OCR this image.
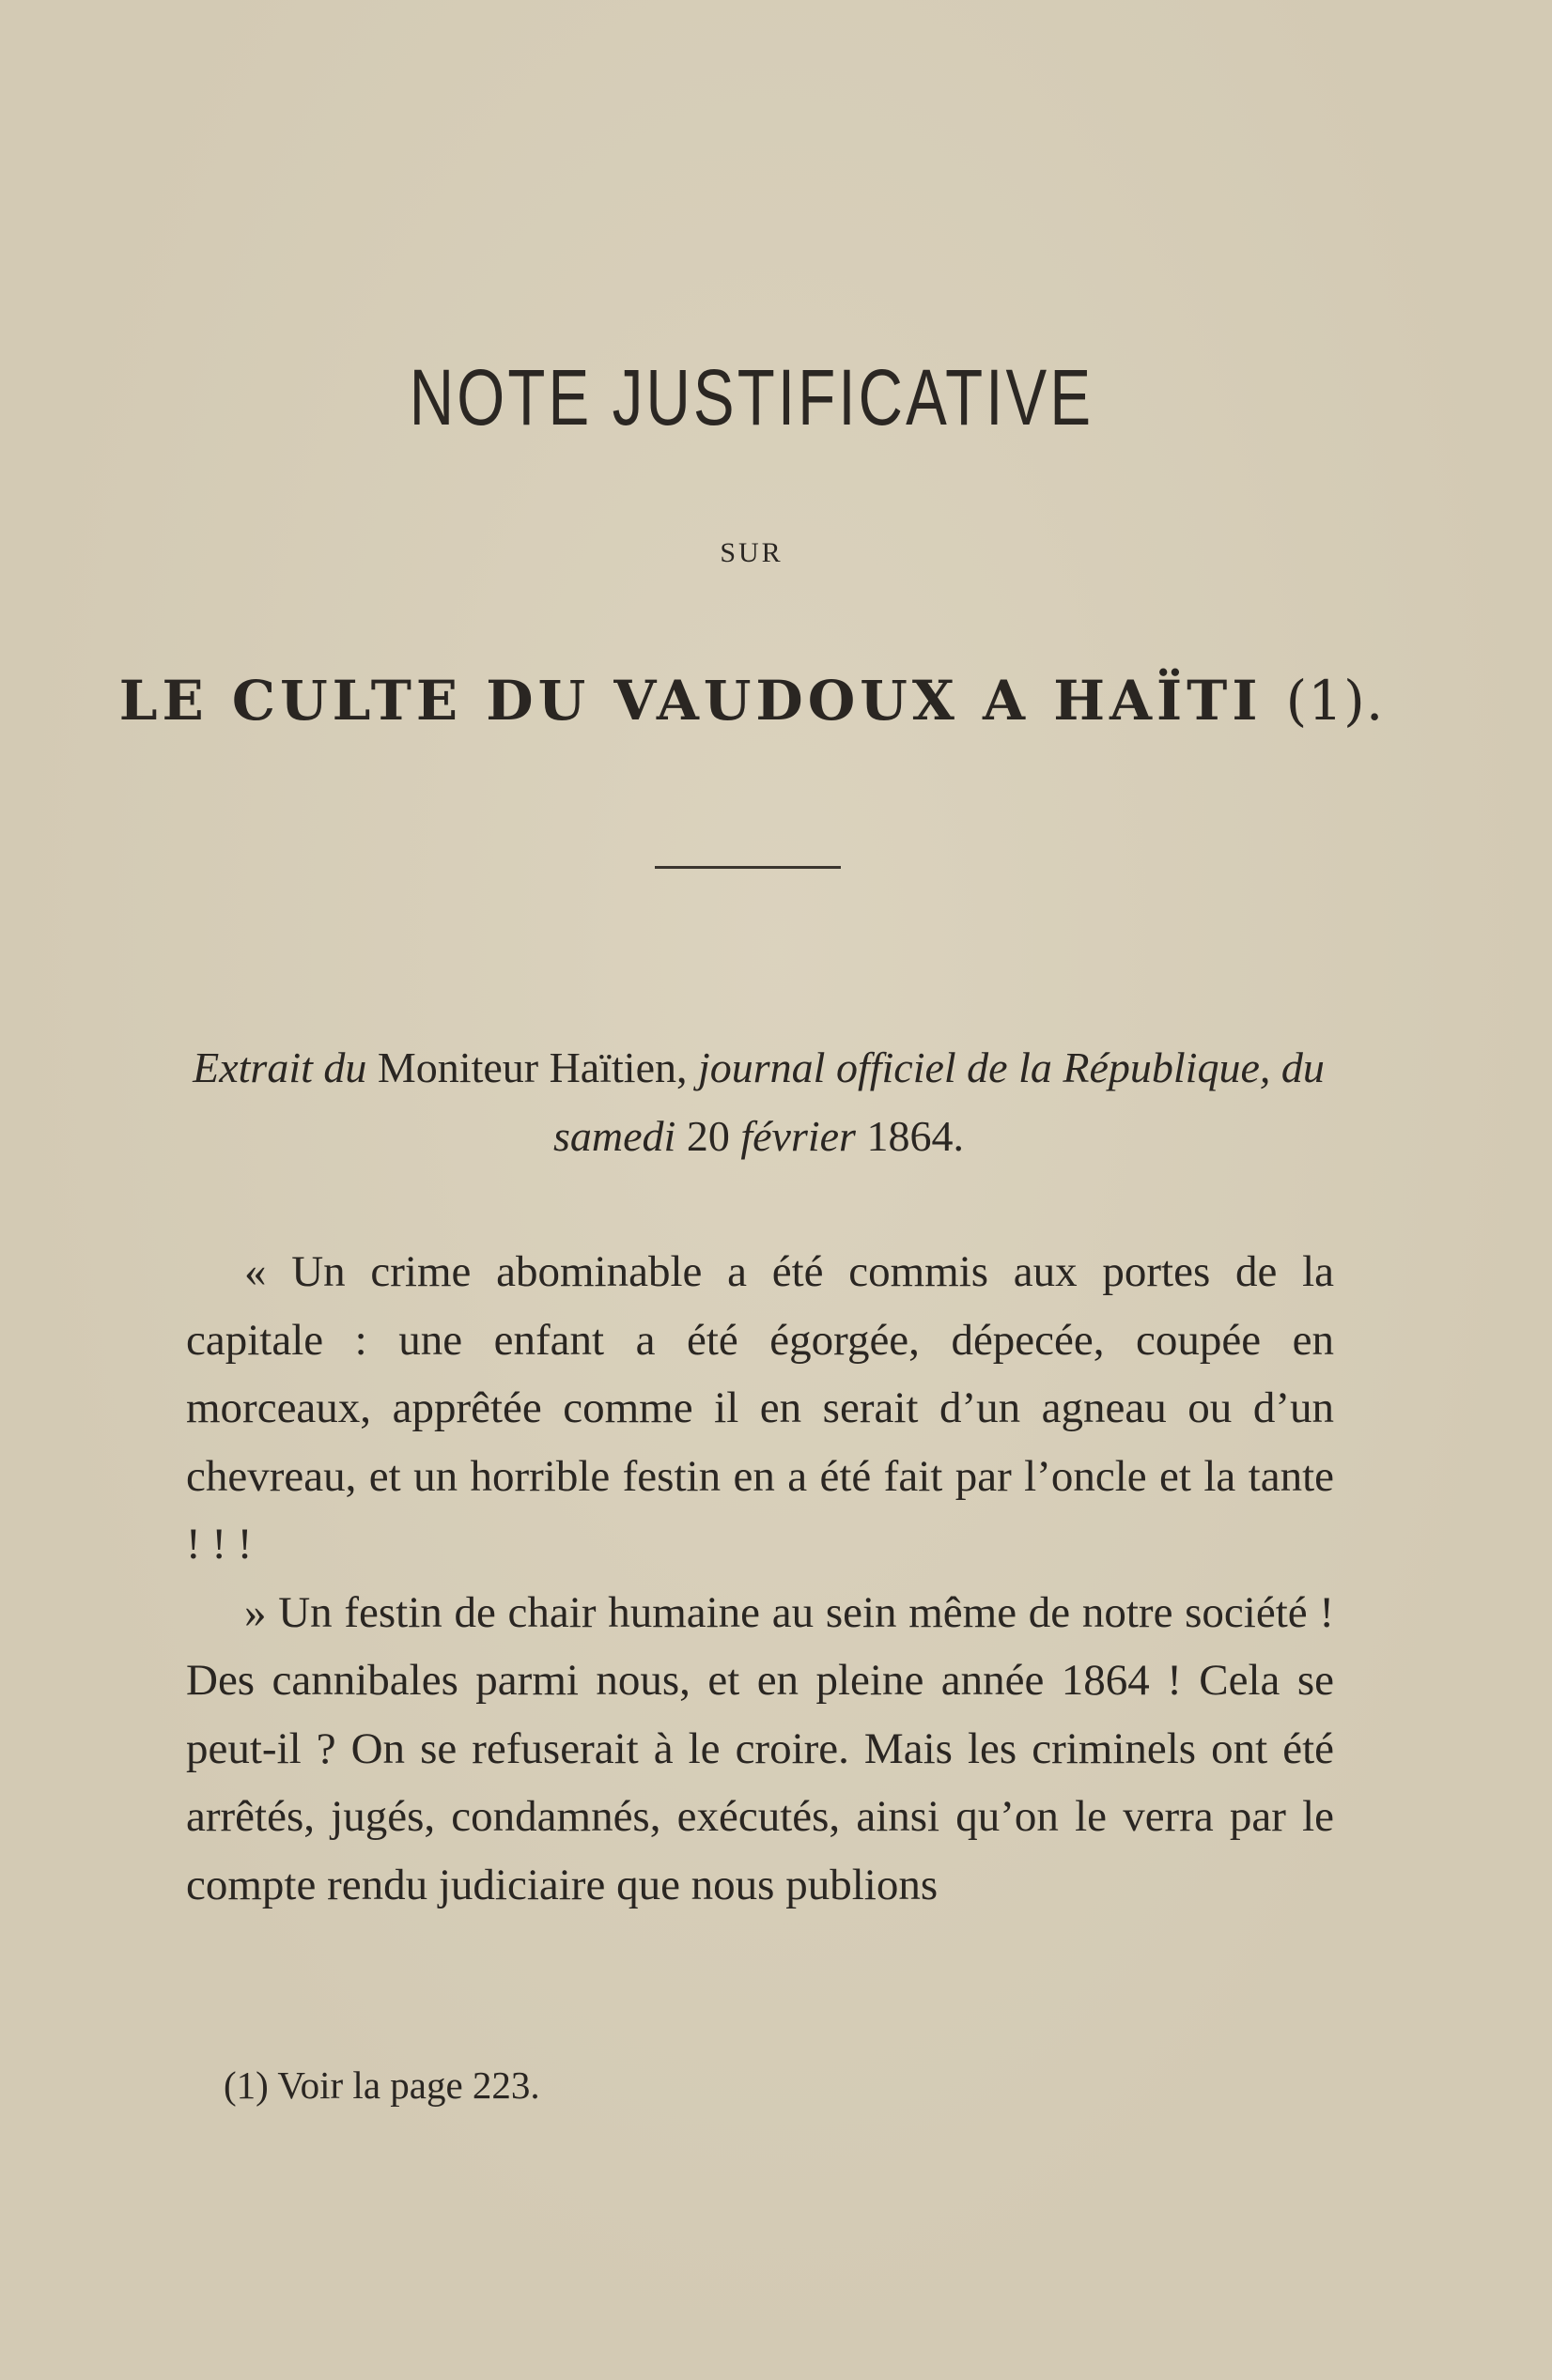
NOTE JUSTIFICATIVE
SUR
LE CULTE DU VAUDOUX A HAÏTI (1).
Extrait du Moniteur Haïtien, journal officiel de la République, du samedi 20 février 1864.

« Un crime abominable a été commis aux portes de la capitale : une enfant a été égorgée, dépecée, coupée en morceaux, apprêtée comme il en serait d’un agneau ou d’un chevreau, et un horrible festin en a été fait par l’oncle et la tante ! ! !

» Un festin de chair humaine au sein même de notre société ! Des cannibales parmi nous, et en pleine année 1864 ! Cela se peut-il ? On se refuserait à le croire. Mais les criminels ont été arrêtés, jugés, condamnés, exécutés, ainsi qu’on le verra par le compte rendu judiciaire que nous publions

(1) Voir la page 223.
